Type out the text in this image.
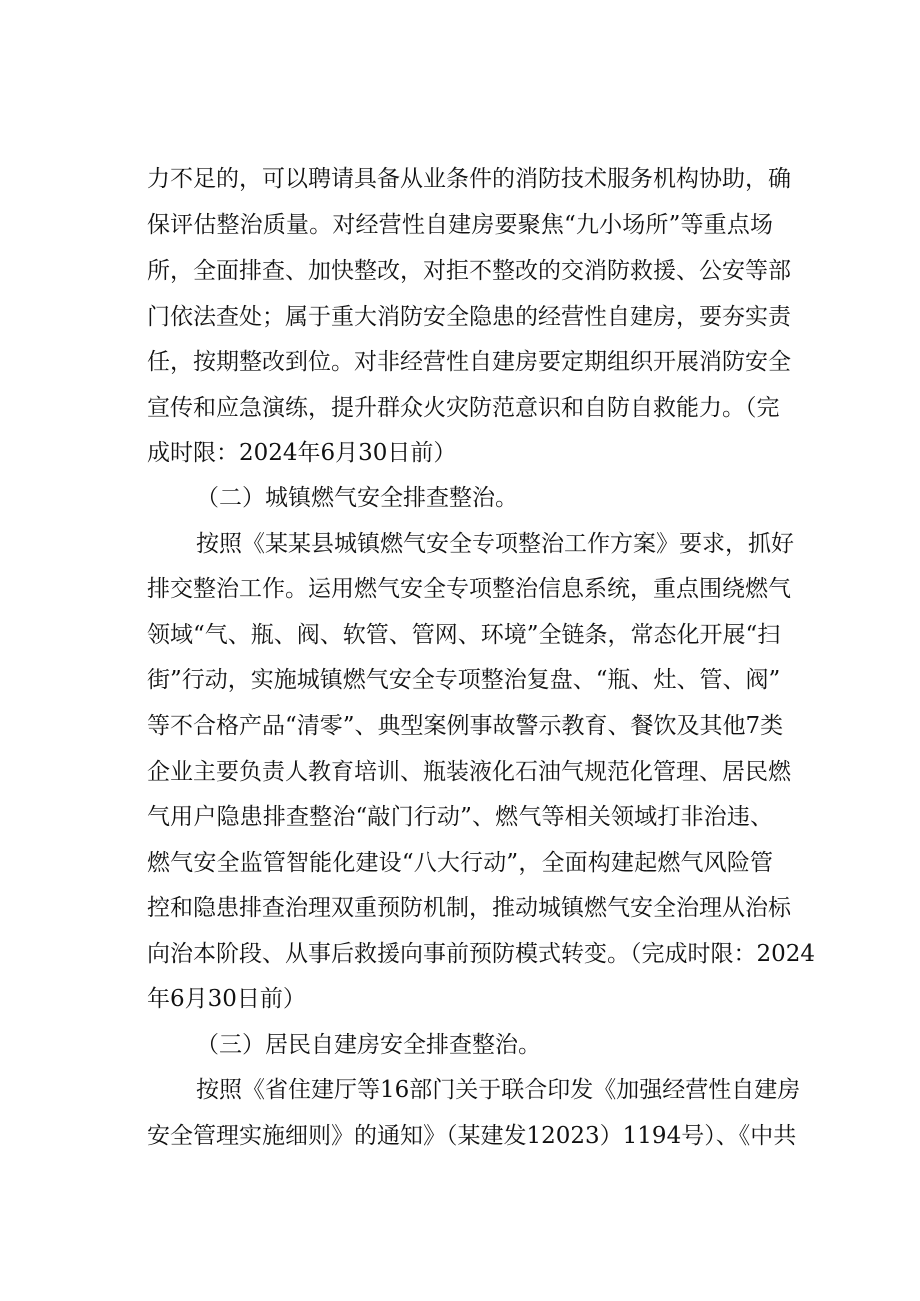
力不足的，可以聘请具备从业条件的消防技术服务机构协助，确

保评估整治质量。对经营性自建房要聚焦“九小场所”等重点场

所，全面排查、加快整改，对拒不整改的交消防救援、公安等部

门依法查处；属于重大消防安全隐患的经营性自建房，要夯实责

任，按期整改到位。对非经营性自建房要定期组织开展消防安全

宣传和应急演练，提升群众火灾防范意识和自防自救能力。（完

成时限：2024年6月30日前）

（二）城镇燃气安全排查整治。

按照《某某县城镇燃气安全专项整治工作方案》要求，抓好

排交整治工作。运用燃气安全专项整治信息系统，重点围绕燃气

领域“气、瓶、阀、软管、管网、环境”全链条，常态化开展“扫

街”行动，实施城镇燃气安全专项整治复盘、“瓶、灶、管、阀”

等不合格产品“清零”、典型案例事故警示教育、餐饮及其他7类

企业主要负责人教育培训、瓶装液化石油气规范化管理、居民燃

气用户隐患排查整治“敲门行动”、燃气等相关领域打非治违、

燃气安全监管智能化建设“八大行动”，全面构建起燃气风险管

控和隐患排查治理双重预防机制，推动城镇燃气安全治理从治标

向治本阶段、从事后救援向事前预防模式转变。（完成时限：2024

年6月30日前）

（三）居民自建房安全排查整治。

按照《省住建厅等16部门关于联合印发《加强经营性自建房

安全管理实施细则》的通知》（某建发12023）1194号）、《中共
